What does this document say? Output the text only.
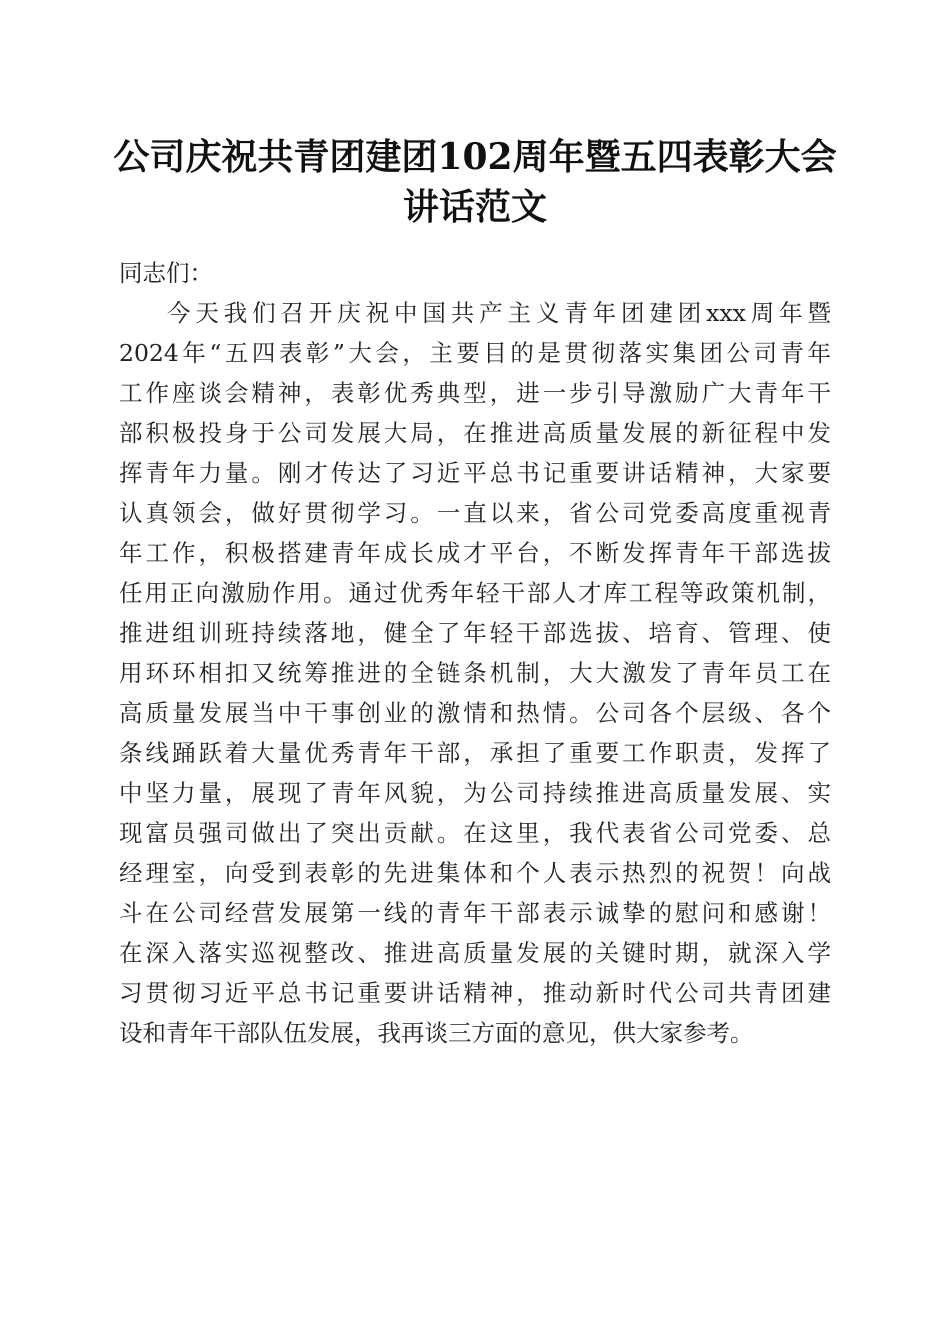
公司庆祝共青团建团102周年暨五四表彰大会
讲话范文

同志们：

今天我们召开庆祝中国共产主义青年团建团xxx周年暨
2024年“五四表彰”大会，主要目的是贯彻落实集团公司青年
工作座谈会精神，表彰优秀典型，进一步引导激励广大青年干
部积极投身于公司发展大局，在推进高质量发展的新征程中发
挥青年力量。刚才传达了习近平总书记重要讲话精神，大家要
认真领会，做好贯彻学习。一直以来，省公司党委高度重视青
年工作，积极搭建青年成长成才平台，不断发挥青年干部选拔
任用正向激励作用。通过优秀年轻干部人才库工程等政策机制，
推进组训班持续落地，健全了年轻干部选拔、培育、管理、使
用环环相扣又统筹推进的全链条机制，大大激发了青年员工在
高质量发展当中干事创业的激情和热情。公司各个层级、各个
条线踊跃着大量优秀青年干部，承担了重要工作职责，发挥了
中坚力量，展现了青年风貌，为公司持续推进高质量发展、实
现富员强司做出了突出贡献。在这里，我代表省公司党委、总
经理室，向受到表彰的先进集体和个人表示热烈的祝贺！向战
斗在公司经营发展第一线的青年干部表示诚挚的慰问和感谢！
在深入落实巡视整改、推进高质量发展的关键时期，就深入学
习贯彻习近平总书记重要讲话精神，推动新时代公司共青团建
设和青年干部队伍发展，我再谈三方面的意见，供大家参考。
